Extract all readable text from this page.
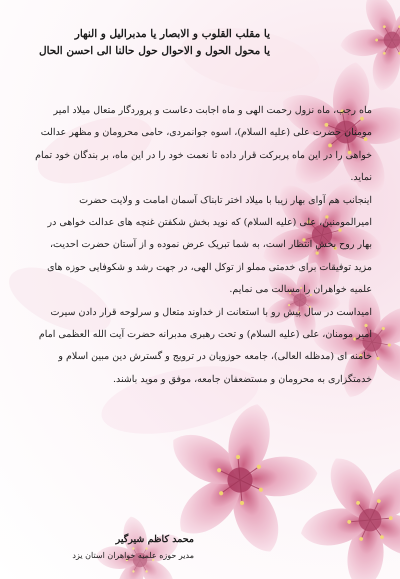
یا مقلب القلوب و الابصار یا مدبرالیل و النهار
یا محول الحول و الاحوال حول حالنا الی احسن الحال

ماه رجب، ماه نزول رحمت الهی و ماه اجابت دعاست و پروردگار متعال میلاد امیر مومنان حضرت علی (علیه السلام)، اسوه جوانمردی، حامی محرومان و مظهر عدالت خواهی را در این ماه پربرکت قرار داده تا نعمت خود را در این ماه، بر بندگان خود تمام نماید.

اینجانب هم آوای بهار زیبا با میلاد اختر تابناک آسمان امامت و ولایت حضرت امیرالمومنین، علی (علیه السلام) که نوید بخش شکفتن غنچه های عدالت خواهی در بهار روح بخش انتظار است، به شما تبریک عرض نموده و از آستان حضرت احدیت، مزید توفیقات برای خدمتی مملو از توکل الهی، در جهت رشد و شکوفایی حوزه های علمیه خواهران را مسالت می نمایم.

امیداست در سال پیش رو با استعانت از خداوند متعال و سرلوحه قرار دادن سیرت امیر مومنان، علی (علیه السلام) و تحت رهبری مدبرانه حضرت آیت الله العظمی امام خامنه ای (مدظله العالی)، جامعه حوزویان در ترویج و گسترش دین مبین اسلام و خدمتگزاری به محرومان و مستضعفان جامعه، موفق و موید باشند.

محمد کاظم شیرگیر
مدیر حوزه علمیه خواهران استان یزد
